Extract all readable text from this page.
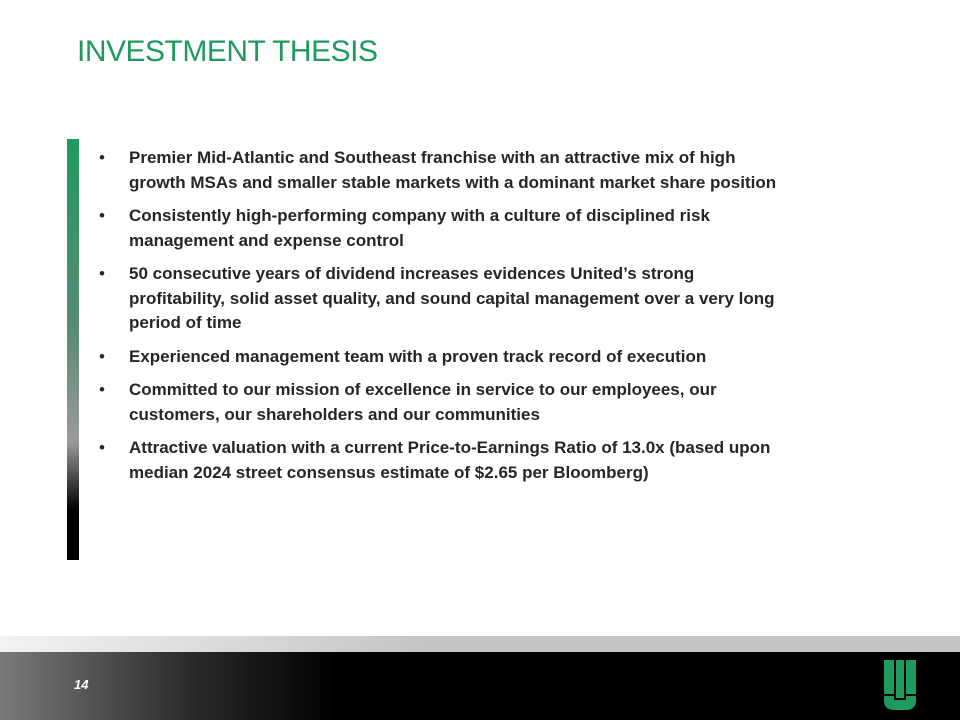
INVESTMENT THESIS
• Premier Mid-Atlantic and Southeast franchise with an attractive mix of high growth MSAs and smaller stable markets with a dominant market share position
• Consistently high-performing company with a culture of disciplined risk management and expense control
• 50 consecutive years of dividend increases evidences United’s strong profitability, solid asset quality, and sound capital management over a very long period of time
• Experienced management team with a proven track record of execution
• Committed to our mission of excellence in service to our employees, our customers, our shareholders and our communities
• Attractive valuation with a current Price-to-Earnings Ratio of 13.0x (based upon median 2024 street consensus estimate of $2.65 per Bloomberg)
14
